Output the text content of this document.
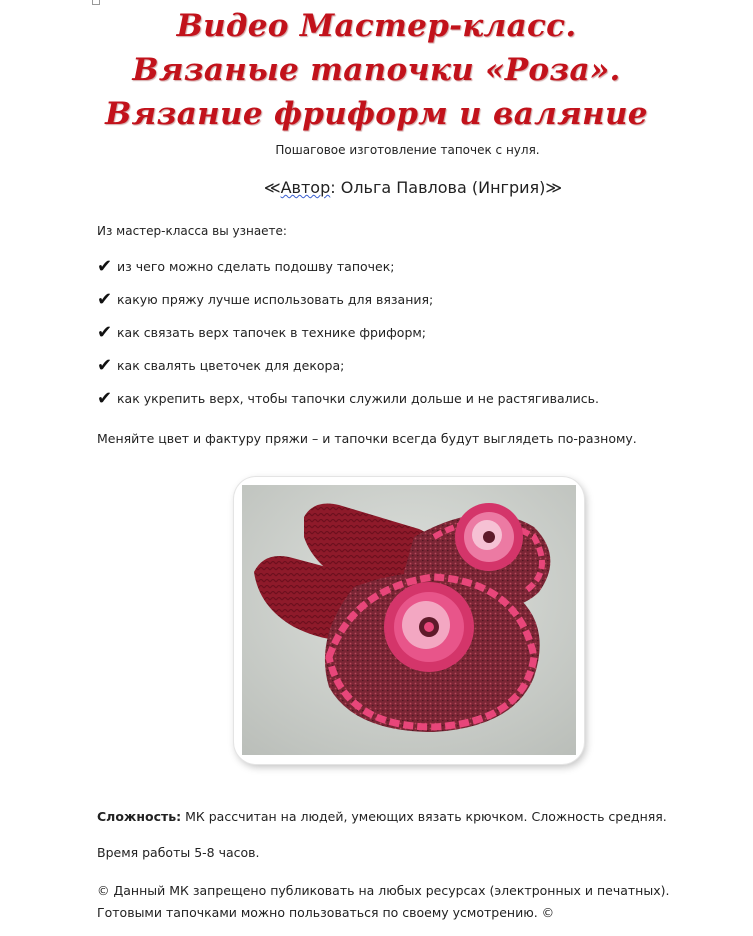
Видео Мастер-класс.
Вязаные тапочки «Роза».
Вязание фриформ и валяние
Пошаговое изготовление тапочек с нуля.
≪Автор: Ольга Павлова (Ингрия)≫
Из мастер-класса вы узнаете:
✔ из чего можно сделать подошву тапочек;
✔ какую пряжу лучше использовать для вязания;
✔ как связать верх тапочек в технике фриформ;
✔ как свалять цветочек для декора;
✔ как укрепить верх, чтобы тапочки служили дольше и не растягивались.
Меняйте цвет и фактуру пряжи – и тапочки всегда будут выглядеть по-разному.
Сложность: МК рассчитан на людей, умеющих вязать крючком. Сложность средняя.
Время работы 5-8 часов.
© Данный МК запрещено публиковать на любых ресурсах (электронных и печатных).
Готовыми тапочками можно пользоваться по своему усмотрению. ©
